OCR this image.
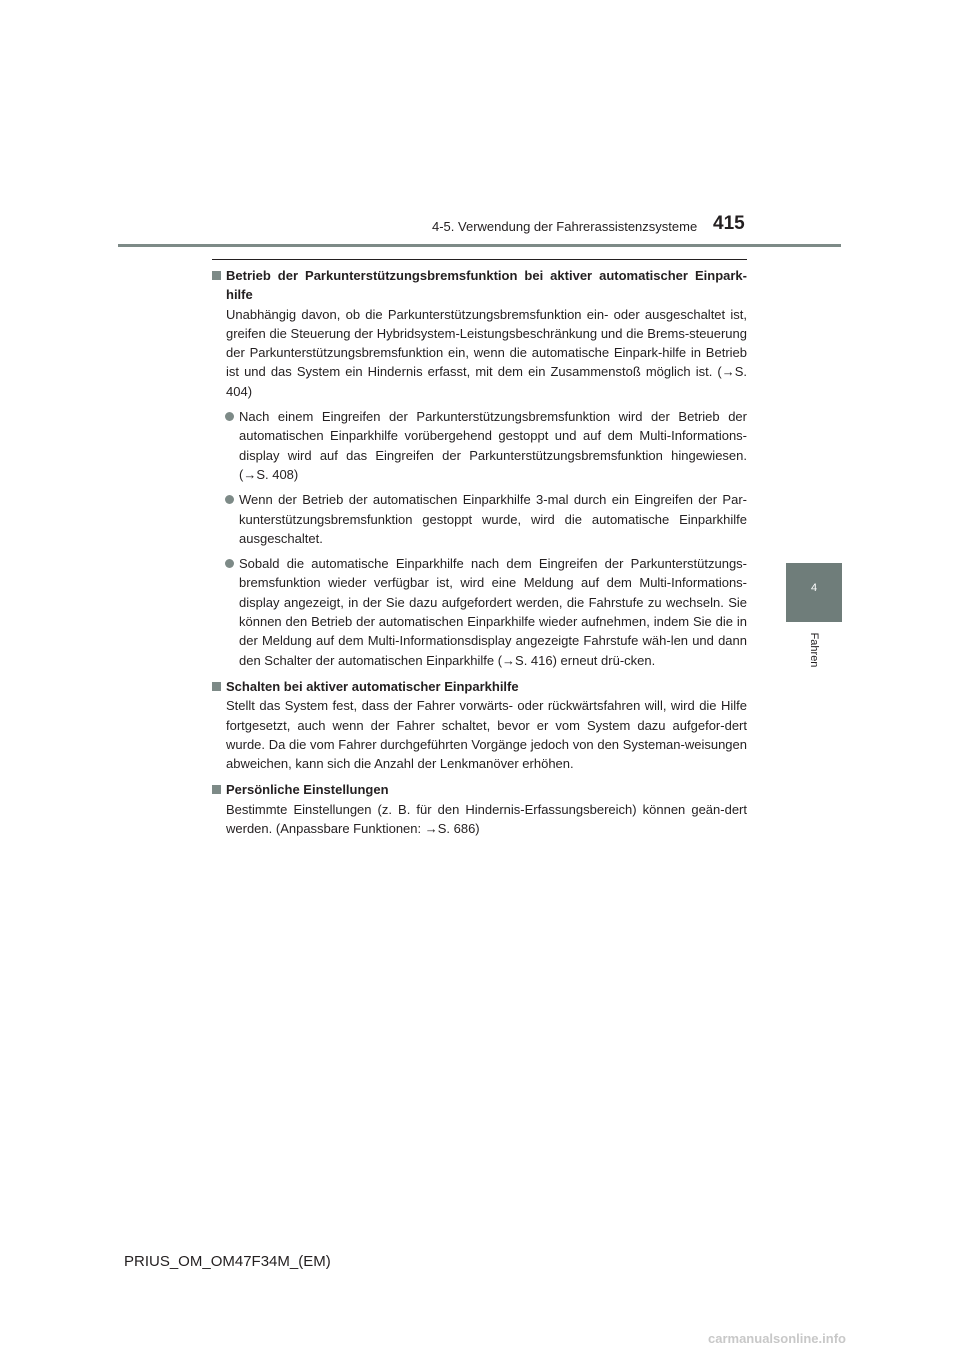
4-5. Verwendung der Fahrerassistenzsysteme 415
4
Fahren

Betrieb der Parkunterstützungsbremsfunktion bei aktiver automatischer Einpark-hilfe

Unabhängig davon, ob die Parkunterstützungsbremsfunktion ein- oder ausgeschaltet ist, greifen die Steuerung der Hybridsystem-Leistungsbeschränkung und die Brems-steuerung der Parkunterstützungsbremsfunktion ein, wenn die automatische Einpark-hilfe in Betrieb ist und das System ein Hindernis erfasst, mit dem ein Zusammenstoß möglich ist. (→S. 404)

Nach einem Eingreifen der Parkunterstützungsbremsfunktion wird der Betrieb der automatischen Einparkhilfe vorübergehend gestoppt und auf dem Multi-Informations-display wird auf das Eingreifen der Parkunterstützungsbremsfunktion hingewiesen. (→S. 408)

Wenn der Betrieb der automatischen Einparkhilfe 3-mal durch ein Eingreifen der Par-kunterstützungsbremsfunktion gestoppt wurde, wird die automatische Einparkhilfe ausgeschaltet.

Sobald die automatische Einparkhilfe nach dem Eingreifen der Parkunterstützungs-bremsfunktion wieder verfügbar ist, wird eine Meldung auf dem Multi-Informations-display angezeigt, in der Sie dazu aufgefordert werden, die Fahrstufe zu wechseln. Sie können den Betrieb der automatischen Einparkhilfe wieder aufnehmen, indem Sie die in der Meldung auf dem Multi-Informationsdisplay angezeigte Fahrstufe wäh-len und dann den Schalter der automatischen Einparkhilfe (→S. 416) erneut drü-cken.

Schalten bei aktiver automatischer Einparkhilfe

Stellt das System fest, dass der Fahrer vorwärts- oder rückwärtsfahren will, wird die Hilfe fortgesetzt, auch wenn der Fahrer schaltet, bevor er vom System dazu aufgefor-dert wurde. Da die vom Fahrer durchgeführten Vorgänge jedoch von den Systeman-weisungen abweichen, kann sich die Anzahl der Lenkmanöver erhöhen.

Persönliche Einstellungen

Bestimmte Einstellungen (z. B. für den Hindernis-Erfassungsbereich) können geän-dert werden. (Anpassbare Funktionen: →S. 686)

PRIUS_OM_OM47F34M_(EM)
carmanualsonline.info
